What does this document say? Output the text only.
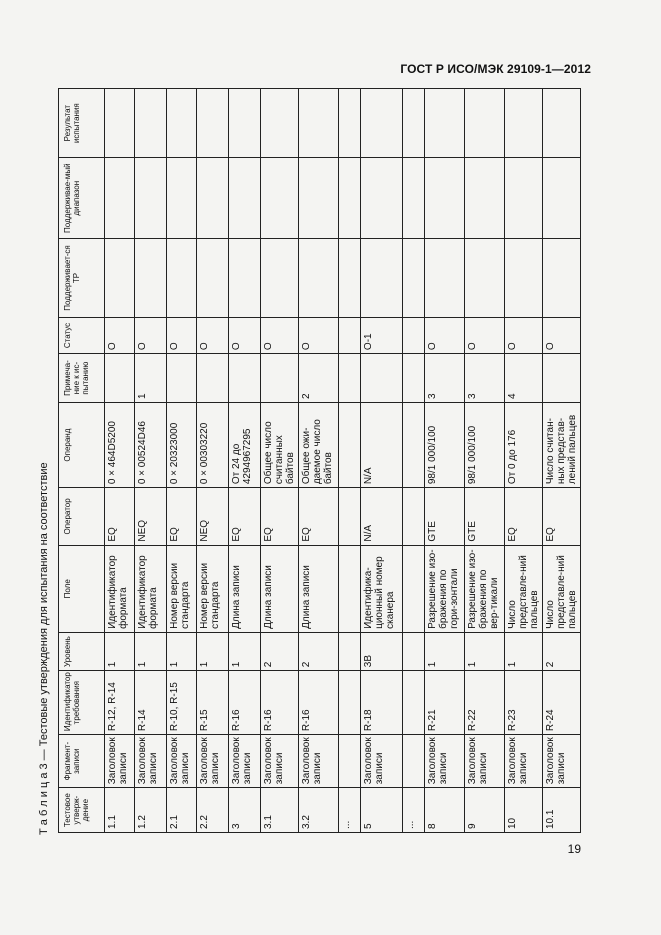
ГОСТ Р ИСО/МЭК 29109-1—2012
Т а б л и ц а 3 — Тестовые утверждения для испытания на соответствие Тестовое утверж-дение	Фрагмент-записи	Идентификатор требования	Уровень	Поле	Оператор	Операнд	Примеча-ние к ис-пытанию	Статус	Поддерживает-ся ТР	Поддерживае-мый диапазон	Результат испытания
1.1	Заголовок записи	R-12, R-14	1	Идентификатор формата	EQ	0 × 464D5200		O			
1.2	Заголовок записи	R-14	1	Идентификатор формата	NEQ	0 × 00524D46	1	O			
2.1	Заголовок записи	R-10, R-15	1	Номер версии стандарта	EQ	0 × 20323000		O			
2.2	Заголовок записи	R-15	1	Номер версии стандарта	NEQ	0 × 00303220		O			
3	Заголовок записи	R-16	1	Длина записи	EQ	От 24 до 4294967295		O			
3.1	Заголовок записи	R-16	2	Длина записи	EQ	Общее число считанных байтов		O			
3.2	Заголовок записи	R-16	2	Длина записи	EQ	Общее ожи-даемое число байтов	2	O			
...											
5	Заголовок записи	R-18	3B	Идентифика-ционный номер сканера	N/A	N/A		O-1			
...											
8	Заголовок записи	R-21	1	Разрешение изо-бражения по гори-зонтали	GTE	98/1 000/100	3	O			
9	Заголовок записи	R-22	1	Разрешение изо-бражения по вер-тикали	GTE	98/1 000/100	3	O			
10	Заголовок записи	R-23	1	Число представле-ний пальцев	EQ	От 0 до 176	4	O			
10.1	Заголовок записи	R-24	2	Число представле-ний пальцев	EQ	Число считан-ных представ-лений пальцев		O			
19
